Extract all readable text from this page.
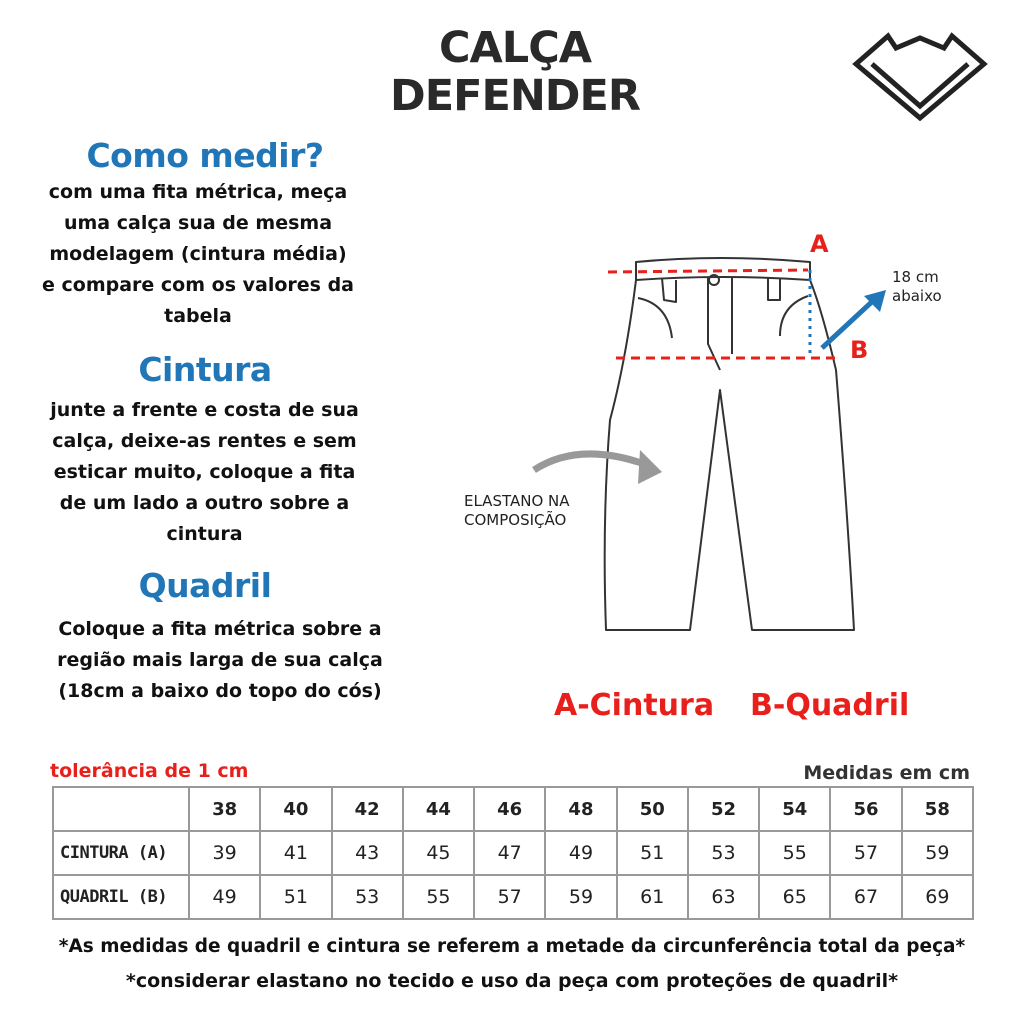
CALÇA
DEFENDER
Como medir?
com uma fita métrica, meça
uma calça sua de mesma
modelagem (cintura média)
e compare com os valores da
tabela
Cintura
junte a frente e costa de sua
calça, deixe-as rentes e sem
esticar muito, coloque a fita
de um lado a outro sobre a
cintura
Quadril
Coloque a fita métrica sobre a
região mais larga de sua calça
(18cm a baixo do topo do cós)
A
B
18 cm
abaixo
ELASTANO NA
COMPOSIÇÃO
A-Cintura B-Quadril
tolerância de 1 cm	Medidas em cm
	38	40	42	44	46	48	50	52	54	56	58
CINTURA (A)	39	41	43	45	47	49	51	53	55	57	59
QUADRIL (B)	49	51	53	55	57	59	61	63	65	67	69
*As medidas de quadril e cintura se referem a metade da circunferência total da peça*
*considerar elastano no tecido e uso da peça com proteções de quadril*
